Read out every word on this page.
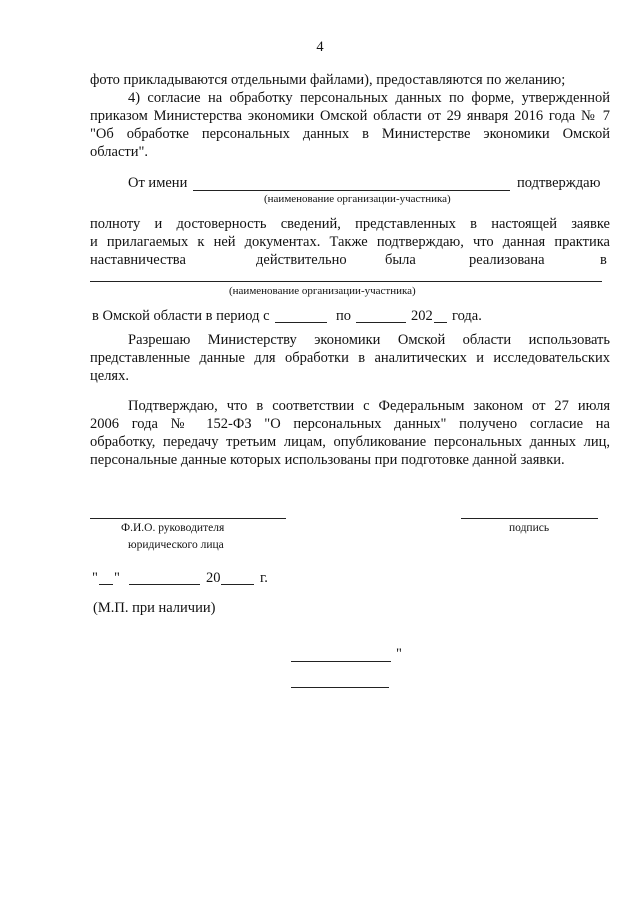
4
фото прикладываются отдельными файлами), предоставляются по желанию;
4) согласие на обработку персональных данных по форме, утвержденной
приказом Министерства экономики Омской области от 29 января 2016 года № 7
"Об обработке персональных данных в Министерстве экономики Омской
области".
От имени	подтверждаю
(наименование организации-участника)
полноту и достоверность сведений, представленных в настоящей заявке
и прилагаемых к ней документах. Также подтверждаю, что данная практика
наставничества	действительно	была	реализована	в
(наименование организации-участника)
в Омской области в период с	по	202 года.
Разрешаю Министерству экономики Омской области использовать
представленные данные для обработки в аналитических и исследовательских
целях.
Подтверждаю, что в соответствии с Федеральным законом от 27 июля
2006 года № 152-ФЗ "О персональных данных" получено согласие на
обработку, передачу третьим лицам, опубликование персональных данных лиц,
персональные данные которых использованы при подготовке данной заявки.
Ф.И.О. руководителя
юридического лица
подпись
" "	20	г.
(М.П. при наличии)
"
